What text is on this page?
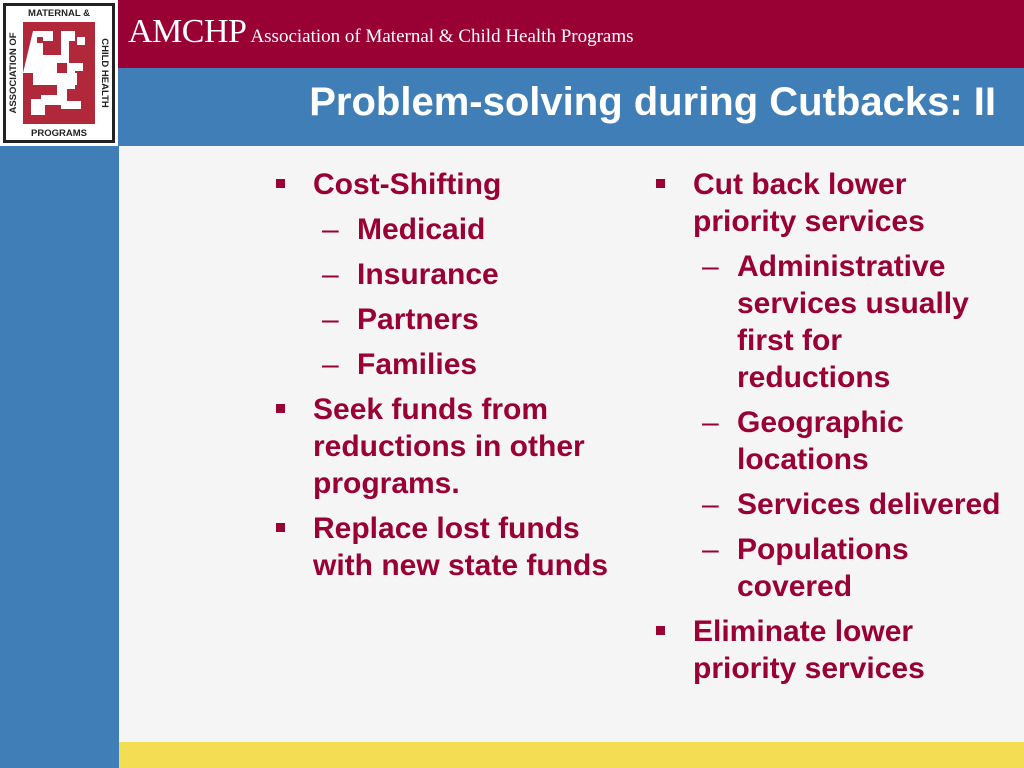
MATERNAL &
PROGRAMS
ASSOCIATION OF	CHILD HEALTH
AMCHP Association of Maternal & Child Health Programs
Problem-solving during Cutbacks: II
Cost-Shifting
– Medicaid
– Insurance
– Partners
– Families
Seek funds from reductions in other programs.
Replace lost funds with new state funds
Cut back lower priority services
– Administrative services usually first for reductions
– Geographic locations
– Services delivered
– Populations covered
Eliminate lower priority services
